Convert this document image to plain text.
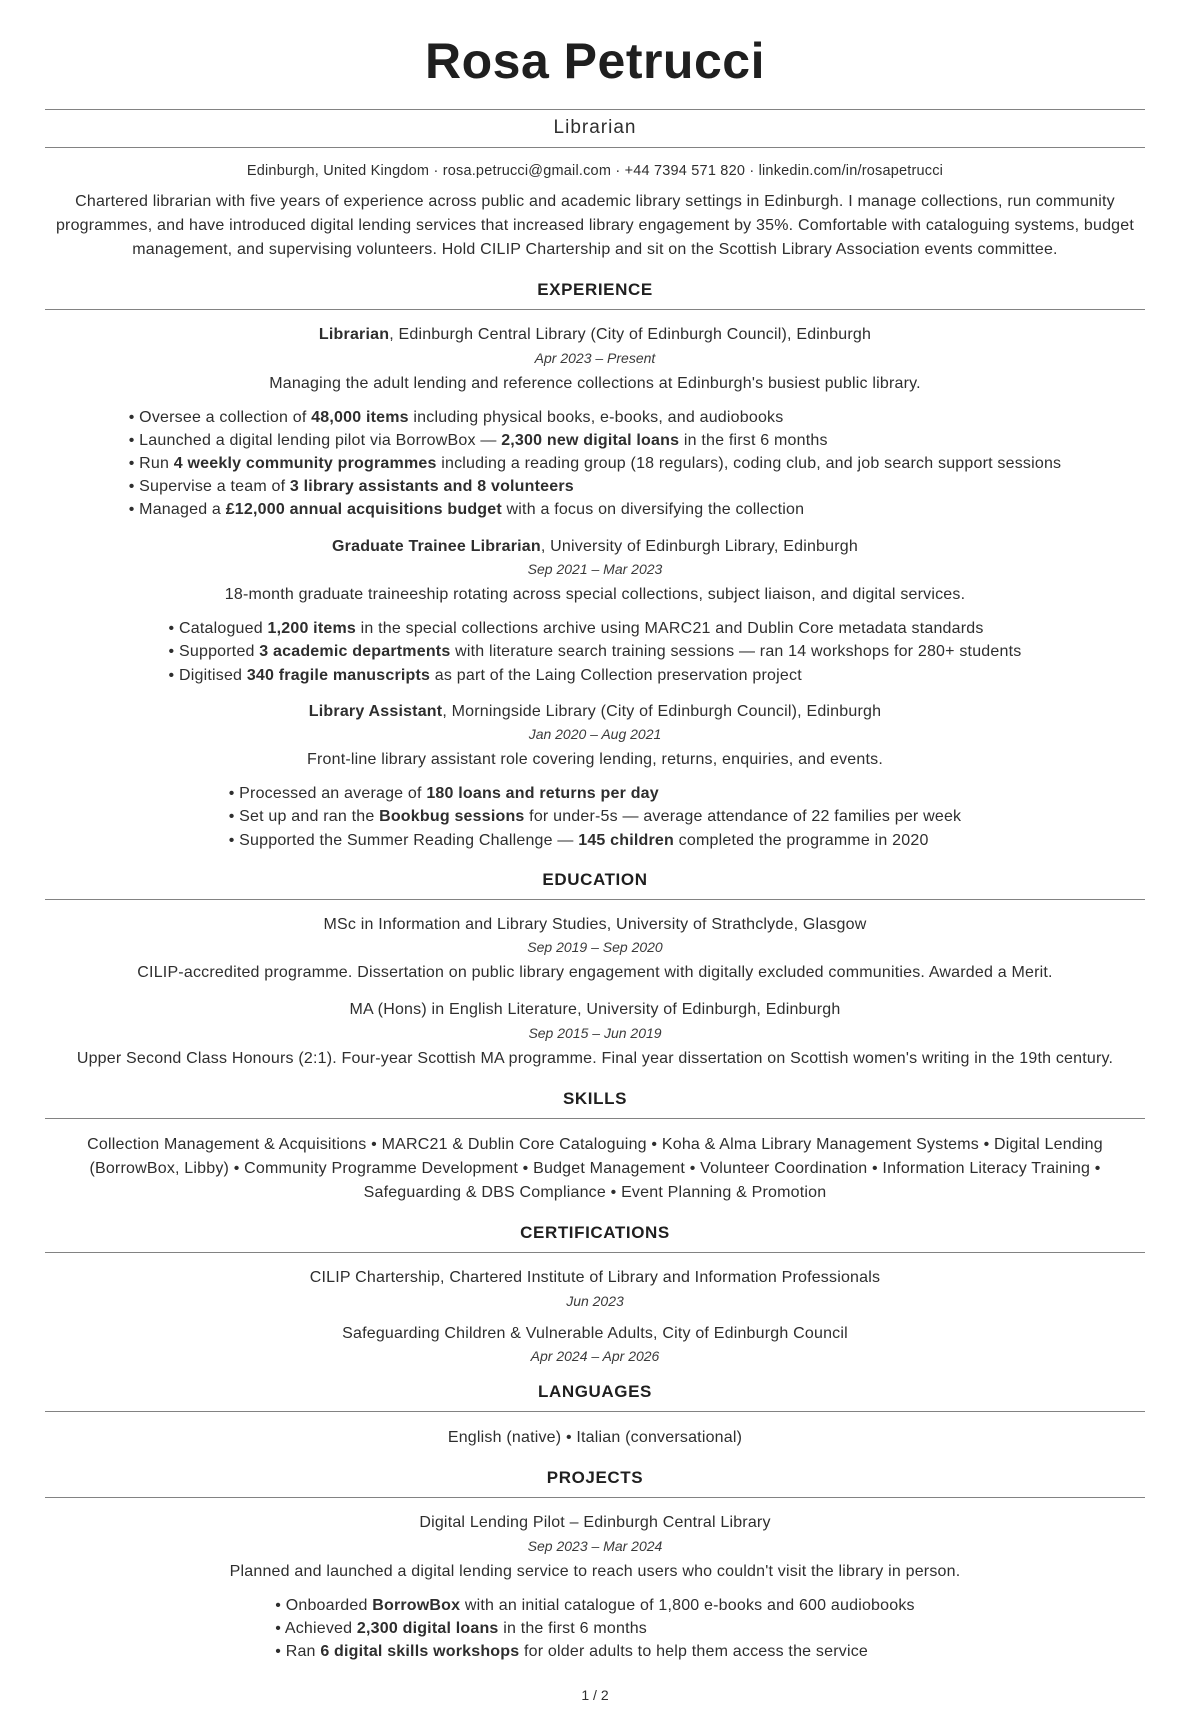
Rosa Petrucci
Librarian
Edinburgh, United Kingdom · rosa.petrucci@gmail.com · +44 7394 571 820 · linkedin.com/in/rosapetrucci

Chartered librarian with five years of experience across public and academic library settings in Edinburgh. I manage collections, run community programmes, and have introduced digital lending services that increased library engagement by 35%. Comfortable with cataloguing systems, budget management, and supervising volunteers. Hold CILIP Chartership and sit on the Scottish Library Association events committee.

EXPERIENCE
Librarian, Edinburgh Central Library (City of Edinburgh Council), Edinburgh
Apr 2023 – Present
Managing the adult lending and reference collections at Edinburgh's busiest public library.
• Oversee a collection of 48,000 items including physical books, e-books, and audiobooks
• Launched a digital lending pilot via BorrowBox — 2,300 new digital loans in the first 6 months
• Run 4 weekly community programmes including a reading group (18 regulars), coding club, and job search support sessions
• Supervise a team of 3 library assistants and 8 volunteers
• Managed a £12,000 annual acquisitions budget with a focus on diversifying the collection
Graduate Trainee Librarian, University of Edinburgh Library, Edinburgh
Sep 2021 – Mar 2023
18-month graduate traineeship rotating across special collections, subject liaison, and digital services.
• Catalogued 1,200 items in the special collections archive using MARC21 and Dublin Core metadata standards
• Supported 3 academic departments with literature search training sessions — ran 14 workshops for 280+ students
• Digitised 340 fragile manuscripts as part of the Laing Collection preservation project
Library Assistant, Morningside Library (City of Edinburgh Council), Edinburgh
Jan 2020 – Aug 2021
Front-line library assistant role covering lending, returns, enquiries, and events.
• Processed an average of 180 loans and returns per day
• Set up and ran the Bookbug sessions for under-5s — average attendance of 22 families per week
• Supported the Summer Reading Challenge — 145 children completed the programme in 2020
EDUCATION
MSc in Information and Library Studies, University of Strathclyde, Glasgow
Sep 2019 – Sep 2020
CILIP-accredited programme. Dissertation on public library engagement with digitally excluded communities. Awarded a Merit.
MA (Hons) in English Literature, University of Edinburgh, Edinburgh
Sep 2015 – Jun 2019
Upper Second Class Honours (2:1). Four-year Scottish MA programme. Final year dissertation on Scottish women's writing in the 19th century.
SKILLS
Collection Management & Acquisitions • MARC21 & Dublin Core Cataloguing • Koha & Alma Library Management Systems • Digital Lending (BorrowBox, Libby) • Community Programme Development • Budget Management • Volunteer Coordination • Information Literacy Training • Safeguarding & DBS Compliance • Event Planning & Promotion
CERTIFICATIONS
CILIP Chartership, Chartered Institute of Library and Information Professionals
Jun 2023
Safeguarding Children & Vulnerable Adults, City of Edinburgh Council
Apr 2024 – Apr 2026
LANGUAGES
English (native) • Italian (conversational)
PROJECTS
Digital Lending Pilot – Edinburgh Central Library
Sep 2023 – Mar 2024
Planned and launched a digital lending service to reach users who couldn't visit the library in person.
• Onboarded BorrowBox with an initial catalogue of 1,800 e-books and 600 audiobooks
• Achieved 2,300 digital loans in the first 6 months
• Ran 6 digital skills workshops for older adults to help them access the service
1 / 2
